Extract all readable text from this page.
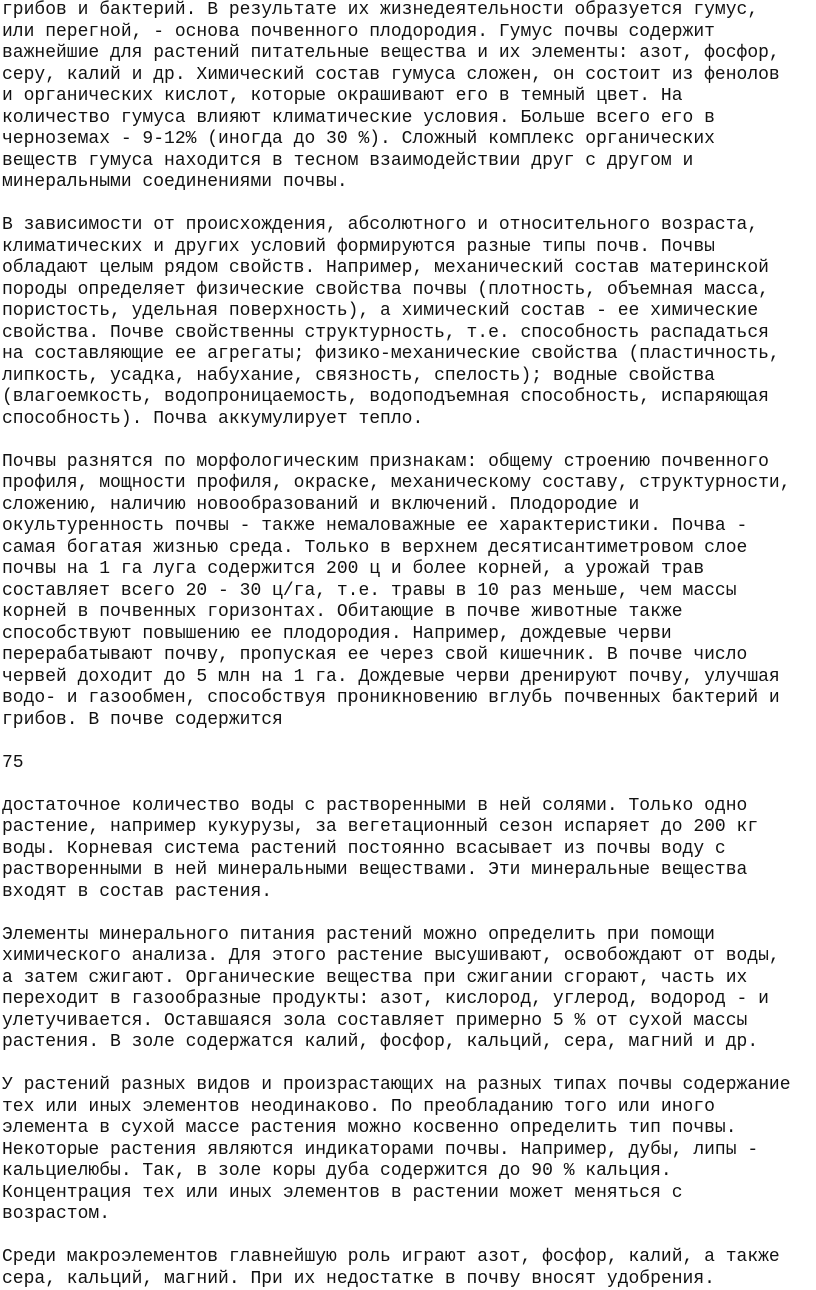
грибов и бактерий. В результате их жизнедеятельности образуется гумус,
или перегной, - основа почвенного плодородия. Гумус почвы содержит
важнейшие для растений питательные вещества и их элементы: азот, фосфор,
серу, калий и др. Химический состав гумуса сложен, он состоит из фенолов
и органических кислот, которые окрашивают его в темный цвет. На
количество гумуса влияют климатические условия. Больше всего его в
черноземах - 9-12% (иногда до 30 %). Сложный комплекс органических
веществ гумуса находится в тесном взаимодействии друг с другом и
минеральными соединениями почвы.
В зависимости от происхождения, абсолютного и относительного возраста,
климатических и других условий формируются разные типы почв. Почвы
обладают целым рядом свойств. Например, механический состав материнской
породы определяет физические свойства почвы (плотность, объемная масса,
пористость, удельная поверхность), а химический состав - ее химические
свойства. Почве свойственны структурность, т.е. способность распадаться
на составляющие ее агрегаты; физико-механические свойства (пластичность,
липкость, усадка, набухание, связность, спелость); водные свойства
(влагоемкость, водопроницаемость, водоподъемная способность, испаряющая
способность). Почва аккумулирует тепло.
Почвы разнятся по морфологическим признакам: общему строению почвенного
профиля, мощности профиля, окраске, механическому составу, структурности,
сложению, наличию новообразований и включений. Плодородие и
окультуренность почвы - также немаловажные ее характеристики. Почва -
самая богатая жизнью среда. Только в верхнем десятисантиметровом слое
почвы на 1 га луга содержится 200 ц и более корней, а урожай трав
составляет всего 20 - 30 ц/га, т.е. травы в 10 раз меньше, чем массы
корней в почвенных горизонтах. Обитающие в почве животные также
способствуют повышению ее плодородия. Например, дождевые черви
перерабатывают почву, пропуская ее через свой кишечник. В почве число
червей доходит до 5 млн на 1 га. Дождевые черви дренируют почву, улучшая
водо- и газообмен, способствуя проникновению вглубь почвенных бактерий и
грибов. В почве содержится
75
достаточное количество воды с растворенными в ней солями. Только одно
растение, например кукурузы, за вегетационный сезон испаряет до 200 кг
воды. Корневая система растений постоянно всасывает из почвы воду с
растворенными в ней минеральными веществами. Эти минеральные вещества
входят в состав растения.
Элементы минерального питания растений можно определить при помощи
химического анализа. Для этого растение высушивают, освобождают от воды,
а затем сжигают. Органические вещества при сжигании сгорают, часть их
переходит в газообразные продукты: азот, кислород, углерод, водород - и
улетучивается. Оставшаяся зола составляет примерно 5 % от сухой массы
растения. В золе содержатся калий, фосфор, кальций, сера, магний и др.
У растений разных видов и произрастающих на разных типах почвы содержание
тех или иных элементов неодинаково. По преобладанию того или иного
элемента в сухой массе растения можно косвенно определить тип почвы.
Некоторые растения являются индикаторами почвы. Например, дубы, липы -
кальциелюбы. Так, в золе коры дуба содержится до 90 % кальция.
Концентрация тех или иных элементов в растении может меняться с
возрастом.
Среди макроэлементов главнейшую роль играют азот, фосфор, калий, а также
сера, кальций, магний. При их недостатке в почву вносят удобрения.
